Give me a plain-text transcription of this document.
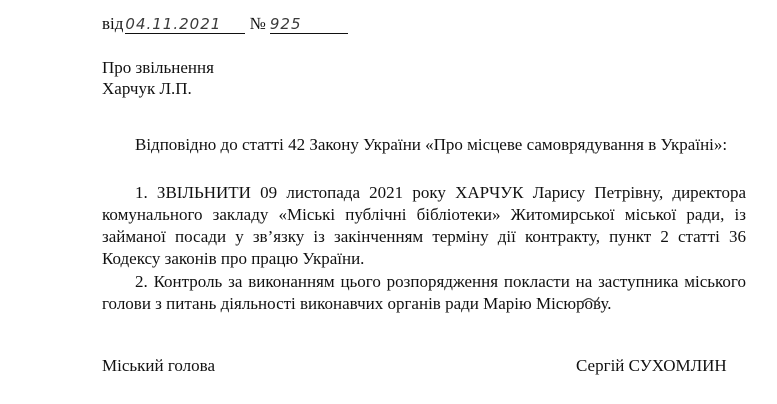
від 04.11.2021 № 925
Про звільнення
Харчук Л.П.
Відповідно до статті 42 Закону України «Про місцеве самоврядування в Україні»:
1. ЗВІЛЬНИТИ 09 листопада 2021 року ХАРЧУК Ларису Петрівну, директора комунального закладу «Міські публічні бібліотеки» Житомирської міської ради, із займаної посади у зв’язку із закінченням терміну дії контракту, пункт 2 статті 36 Кодексу законів про працю України.
2. Контроль за виконанням цього розпорядження покласти на заступника міського голови з питань діяльності виконавчих органів ради Марію Місюрову.
Міський голова	Сергій СУХОМЛИН
